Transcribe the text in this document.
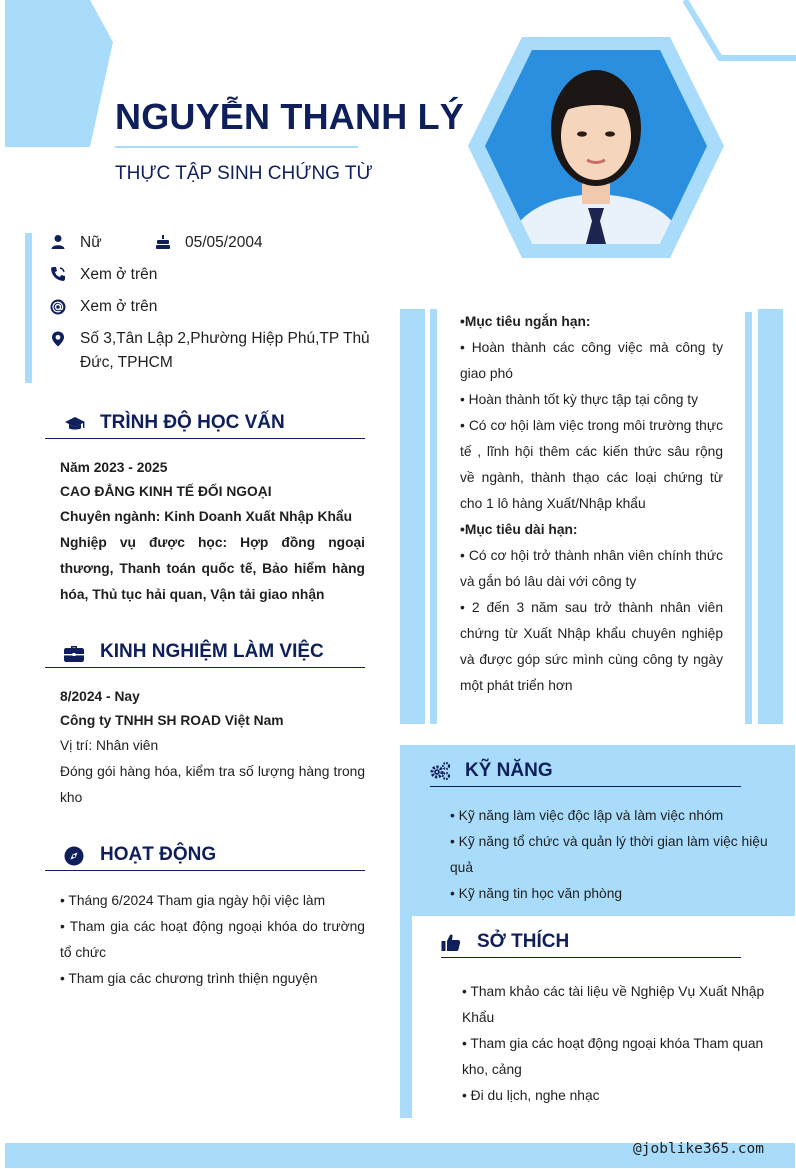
NGUYỄN THANH LÝ
THỰC TẬP SINH CHỨNG TỪ
Nữ	05/05/2004
Xem ở trên
Xem ở trên
Số 3,Tân Lập 2,Phường Hiệp Phú,TP Thủ Đức, TPHCM
TRÌNH ĐỘ HỌC VẤN
Năm 2023 - 2025
CAO ĐẲNG KINH TẾ ĐỐI NGOẠI
Chuyên ngành: Kinh Doanh Xuất Nhập Khẩu
Nghiệp vụ được học: Hợp đồng ngoại thương, Thanh toán quốc tế, Bảo hiểm hàng hóa, Thủ tục hải quan, Vận tải giao nhận
KINH NGHIỆM LÀM VIỆC
8/2024 - Nay
Công ty TNHH SH ROAD Việt Nam
Vị trí: Nhân viên
Đóng gói hàng hóa, kiểm tra số lượng hàng trong kho
HOẠT ĐỘNG
• Tháng 6/2024 Tham gia ngày hội việc làm
• Tham gia các hoạt động ngoại khóa do trường tổ chức
• Tham gia các chương trình thiện nguyện
•Mục tiêu ngắn hạn:
• Hoàn thành các công việc mà công ty giao phó
• Hoàn thành tốt kỳ thực tập tại công ty
• Có cơ hội làm việc trong môi trường thực tế , lĩnh hội thêm các kiến thức sâu rộng về ngành, thành thạo các loại chứng từ cho 1 lô hàng Xuất/Nhập khẩu
•Mục tiêu dài hạn:
• Có cơ hội trở thành nhân viên chính thức và gắn bó lâu dài với công ty
• 2 đến 3 năm sau trở thành nhân viên chứng từ Xuất Nhập khẩu chuyên nghiệp và được góp sức mình cùng công ty ngày một phát triển hơn
KỸ NĂNG
• Kỹ năng làm việc độc lập và làm việc nhóm
• Kỹ năng tổ chức và quản lý thời gian làm việc hiệu quả
• Kỹ năng tin học văn phòng
SỞ THÍCH
• Tham khảo các tài liệu về Nghiệp Vụ Xuất Nhập Khẩu
• Tham gia các hoạt động ngoại khóa Tham quan kho, cảng
• Đi du lịch, nghe nhạc
@joblike365.com
